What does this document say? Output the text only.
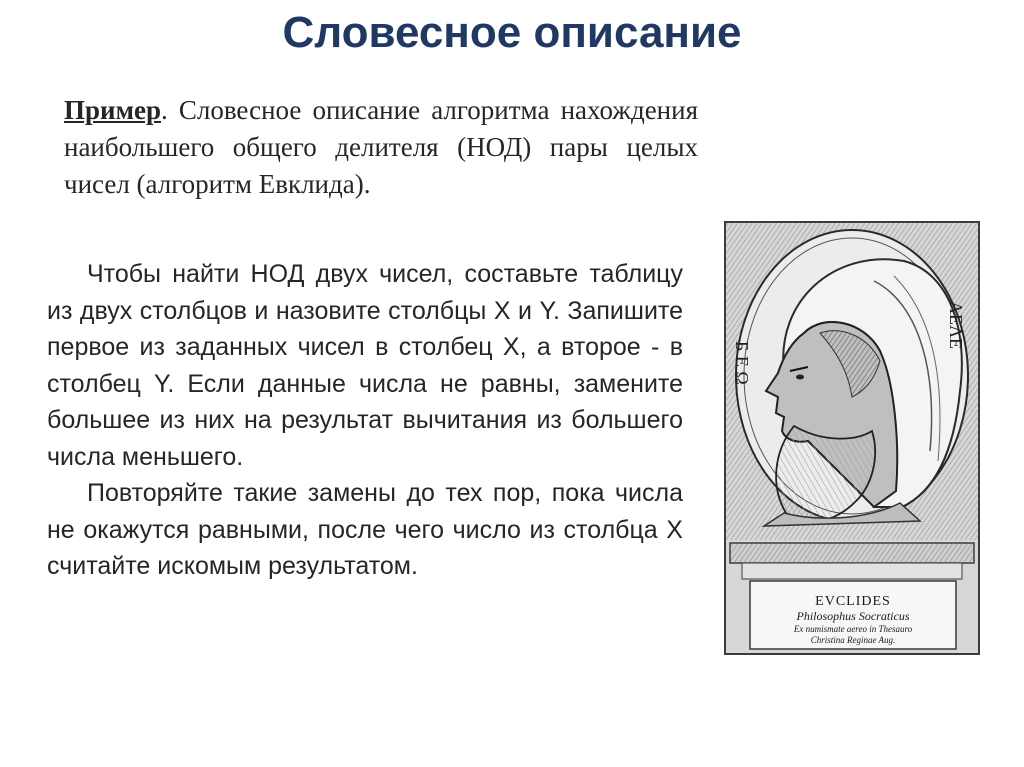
Словесное описание

Пример. Словесное описание алгоритма нахождения наибольшего общего делителя (НОД) пары целых чисел (алгоритм Евклида).

Чтобы найти НОД двух чисел, составьте таблицу из двух столбцов и назовите столбцы X и Y. Запишите первое из заданных чисел в столбец X, а второе - в столбец Y. Если данные числа не равны, замените большее из них на результат вычитания из большего числа меньшего.

Повторяйте такие замены до тех пор, пока числа не окажутся равными, после чего число из столбца X считайте искомым результатом.

Б Е Ω
ΑΕΛΕ
EVCLIDES
Philosophus Socraticus
Ex numismate aereo in Thesauro
Christina Reginae Aug.
